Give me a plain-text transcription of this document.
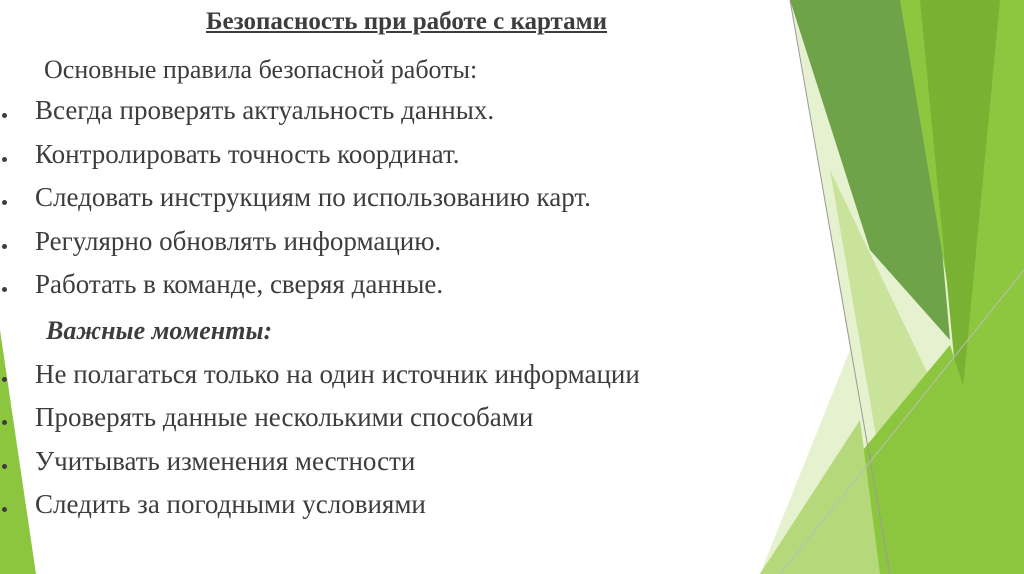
Безопасность при работе с картами
Основные правила безопасной работы:
Всегда проверять актуальность данных.
Контролировать точность координат.
Следовать инструкциям по использованию карт.
Регулярно обновлять информацию.
Работать в команде, сверяя данные.
Важные моменты:
Не полагаться только на один источник информации
Проверять данные несколькими способами
Учитывать изменения местности
Следить за погодными условиями
